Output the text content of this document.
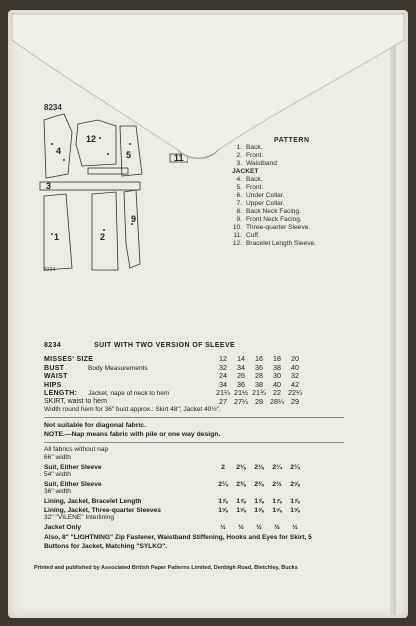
4
12
5	11
3
9
1	2
8234
8234
PATTERN
1. Back.
2. Front.
3. Waistband
JACKET
4. Back.
5. Front.
6. Under Collar.
7. Upper Collar.
8. Back Neck Facing.
9. Front Neck Facing.
10. Three-quarter Sleeve.
11. Cuff.
12. Bracelet Length Sleeve.
8234	SUIT WITH TWO VERSION OF SLEEVE
MISSES' SIZE	12	14	16	18	20
BUST	Body Measurements	32	34	36	38	40
WAIST	24	26	28	30	32
HIPS	34	36	38	40	42
LENGTH: Jacket, nape of neck to hem	21¼ 21½ 21¾ 22 22¼
SKIRT, waist to hem	27 27¼ 28 28¼ 29
Width round hem for 36" bust approx.: Skirt 48"; Jacket 40½".
Not suitable for diagonal fabric.
NOTE.—Nap means fabric with pile or one way design.
All fabrics without nap
66" width
Suit, Either Sleeve	2	2⅛	2⅛	2¼	2¼
54" width
Suit, Either Sleeve	2¼	2⅜	2⅜	2½	2⅝
36" width
Lining, Jacket, Bracelet Length	1⅞	1⅞	1⅞	1⅞	1⅞
Lining, Jacket, Three-quarter Sleeves	1⅝	1⅝	1⅝	1⅝	1⅝
32" "VILENE" Interlining
Jacket Only	½	½	½	½	½
Also, 8" "LIGHTNING" Zip Fastener, Waistband Stiffening, Hooks and Eyes for Skirt, 5 Buttons for Jacket, Matching "SYLKO".
Printed and published by Associated British Paper Patterns Limited, Denbigh Road, Bletchley, Bucks
